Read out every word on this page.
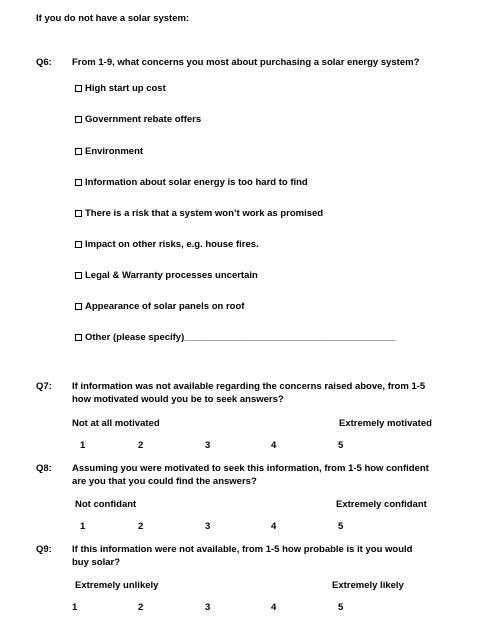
If you do not have a solar system:
Q6: From 1-9, what concerns you most about purchasing a solar energy system?
High start up cost
Government rebate offers
Environment
Information about solar energy is too hard to find
There is a risk that a system won’t work as promised
Impact on other risks, e.g. house fires.
Legal & Warranty processes uncertain
Appearance of solar panels on roof
Other (please specify)________________________________________
Q7: If information was not available regarding the concerns raised above, from 1-5
how motivated would you be to seek answers?
Not at all motivated	Extremely motivated
1	2	3	4	5
Q8: Assuming you were motivated to seek this information, from 1-5 how confident
are you that you could find the answers?
Not confidant	Extremely confidant
1	2	3	4	5
Q9: If this information were not available, from 1-5 how probable is it you would
buy solar?
Extremely unlikely	Extremely likely
1	2	3	4	5
